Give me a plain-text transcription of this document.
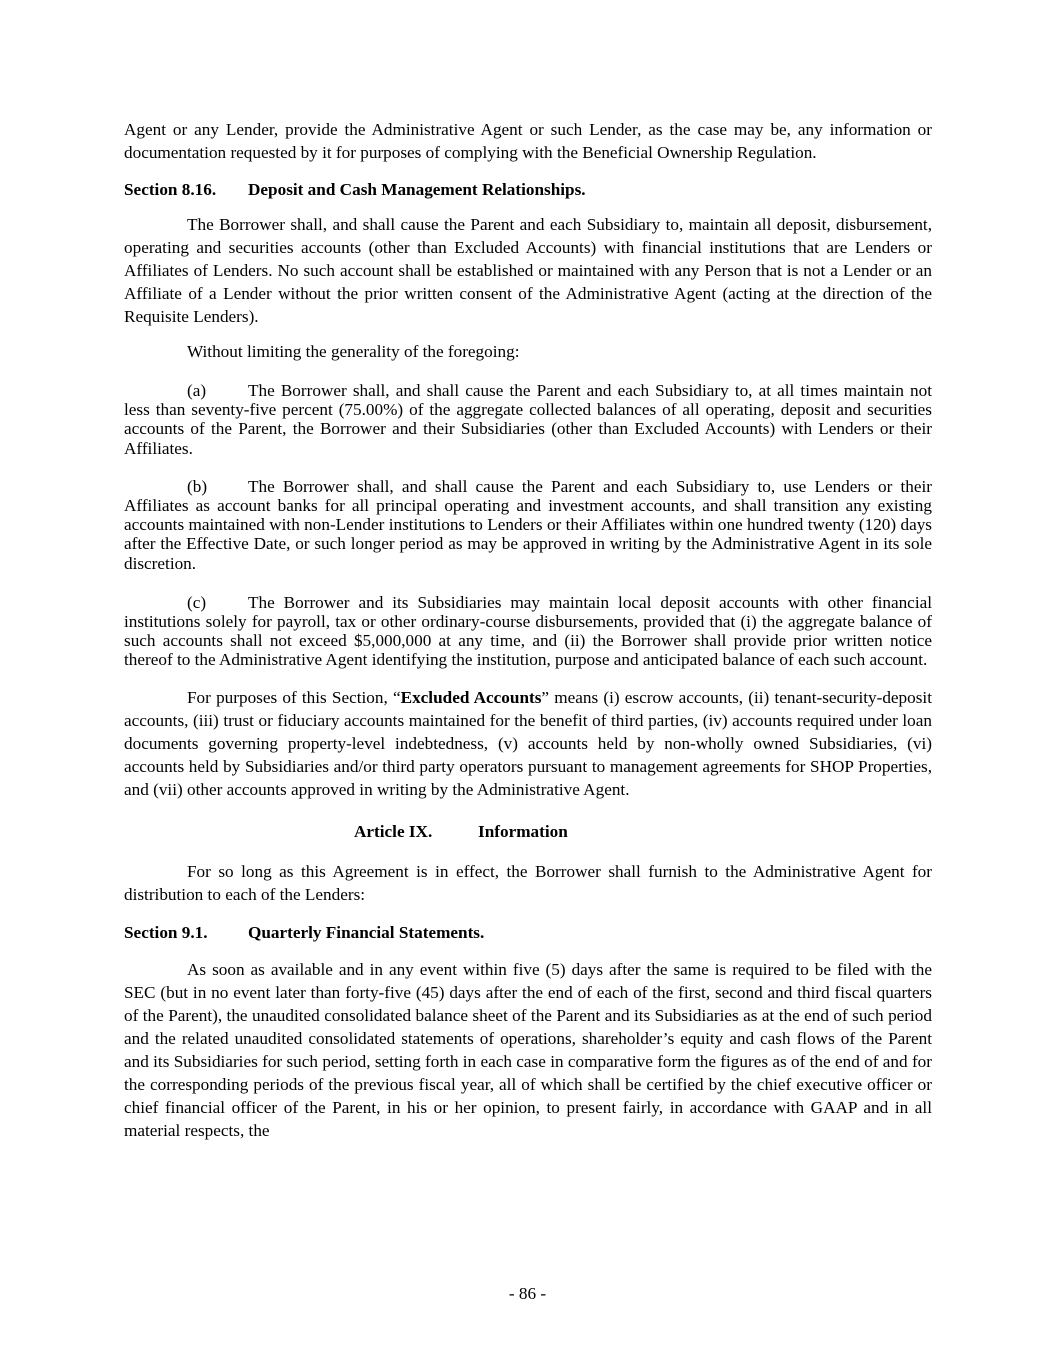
Agent or any Lender, provide the Administrative Agent or such Lender, as the case may be, any information or documentation requested by it for purposes of complying with the Beneficial Ownership Regulation.

Section 8.16. Deposit and Cash Management Relationships.

The Borrower shall, and shall cause the Parent and each Subsidiary to, maintain all deposit, disbursement, operating and securities accounts (other than Excluded Accounts) with financial institutions that are Lenders or Affiliates of Lenders. No such account shall be established or maintained with any Person that is not a Lender or an Affiliate of a Lender without the prior written consent of the Administrative Agent (acting at the direction of the Requisite Lenders).

Without limiting the generality of the foregoing:

(a) The Borrower shall, and shall cause the Parent and each Subsidiary to, at all times maintain not less than seventy-five percent (75.00%) of the aggregate collected balances of all operating, deposit and securities accounts of the Parent, the Borrower and their Subsidiaries (other than Excluded Accounts) with Lenders or their Affiliates.

(b) The Borrower shall, and shall cause the Parent and each Subsidiary to, use Lenders or their Affiliates as account banks for all principal operating and investment accounts, and shall transition any existing accounts maintained with non-Lender institutions to Lenders or their Affiliates within one hundred twenty (120) days after the Effective Date, or such longer period as may be approved in writing by the Administrative Agent in its sole discretion.

(c) The Borrower and its Subsidiaries may maintain local deposit accounts with other financial institutions solely for payroll, tax or other ordinary-course disbursements, provided that (i) the aggregate balance of such accounts shall not exceed $5,000,000 at any time, and (ii) the Borrower shall provide prior written notice thereof to the Administrative Agent identifying the institution, purpose and anticipated balance of each such account.

For purposes of this Section, “Excluded Accounts” means (i) escrow accounts, (ii) tenant-security-deposit accounts, (iii) trust or fiduciary accounts maintained for the benefit of third parties, (iv) accounts required under loan documents governing property-level indebtedness, (v) accounts held by non-wholly owned Subsidiaries, (vi) accounts held by Subsidiaries and/or third party operators pursuant to management agreements for SHOP Properties, and (vii) other accounts approved in writing by the Administrative Agent.

Article IX.	Information

For so long as this Agreement is in effect, the Borrower shall furnish to the Administrative Agent for distribution to each of the Lenders:

Section 9.1. Quarterly Financial Statements.

As soon as available and in any event within five (5) days after the same is required to be filed with the SEC (but in no event later than forty-five (45) days after the end of each of the first, second and third fiscal quarters of the Parent), the unaudited consolidated balance sheet of the Parent and its Subsidiaries as at the end of such period and the related unaudited consolidated statements of operations, shareholder’s equity and cash flows of the Parent and its Subsidiaries for such period, setting forth in each case in comparative form the figures as of the end of and for the corresponding periods of the previous fiscal year, all of which shall be certified by the chief executive officer or chief financial officer of the Parent, in his or her opinion, to present fairly, in accordance with GAAP and in all material respects, the

- 86 -
